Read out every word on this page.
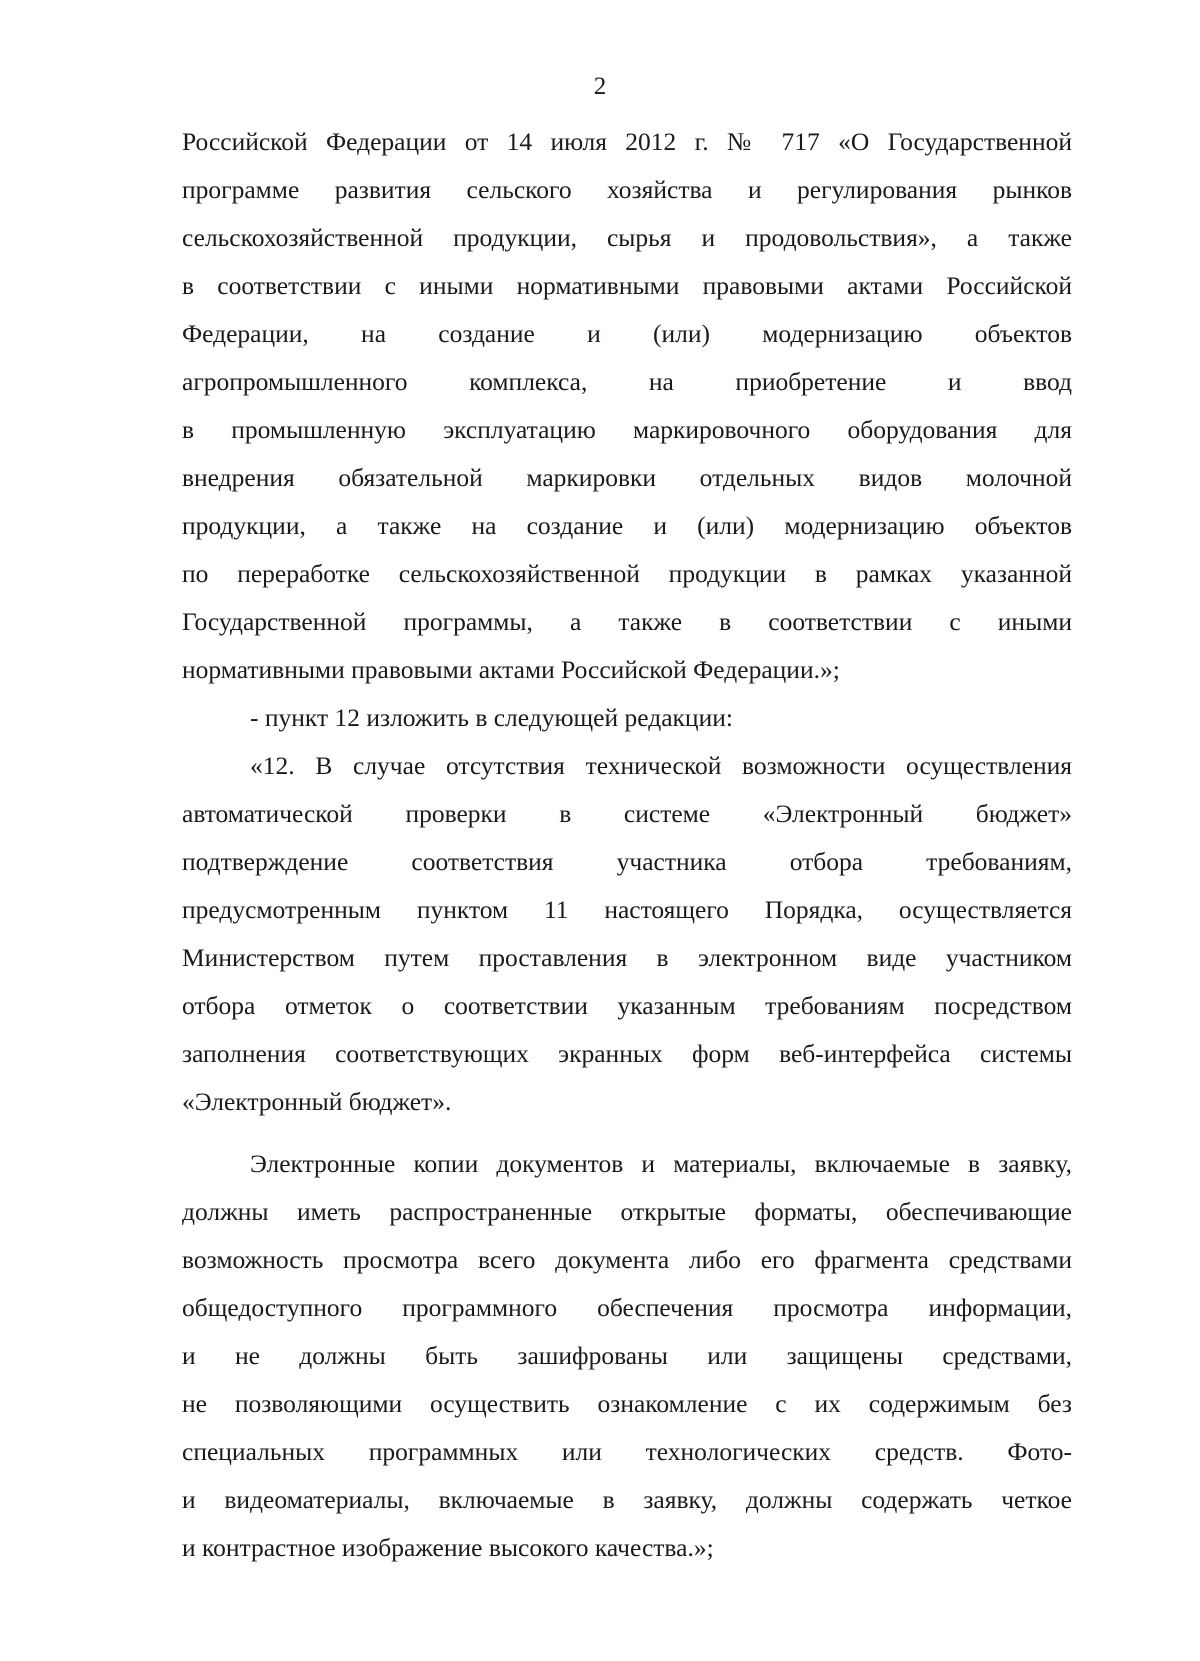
2
Российской Федерации от 14 июля 2012 г. № 717 «О Государственной
программе развития сельского хозяйства и регулирования рынков
сельскохозяйственной продукции, сырья и продовольствия», а также
в соответствии с иными нормативными правовыми актами Российской
Федерации, на создание и (или) модернизацию объектов
агропромышленного комплекса, на приобретение и ввод
в промышленную эксплуатацию маркировочного оборудования для
внедрения обязательной маркировки отдельных видов молочной
продукции, а также на создание и (или) модернизацию объектов
по переработке сельскохозяйственной продукции в рамках указанной
Государственной программы, а также в соответствии с иными
нормативными правовыми актами Российской Федерации.»;
- пункт 12 изложить в следующей редакции:
«12. В случае отсутствия технической возможности осуществления
автоматической проверки в системе «Электронный бюджет»
подтверждение соответствия участника отбора требованиям,
предусмотренным пунктом 11 настоящего Порядка, осуществляется
Министерством путем проставления в электронном виде участником
отбора отметок о соответствии указанным требованиям посредством
заполнения соответствующих экранных форм веб-интерфейса системы
«Электронный бюджет».
Электронные копии документов и материалы, включаемые в заявку,
должны иметь распространенные открытые форматы, обеспечивающие
возможность просмотра всего документа либо его фрагмента средствами
общедоступного программного обеспечения просмотра информации,
и не должны быть зашифрованы или защищены средствами,
не позволяющими осуществить ознакомление с их содержимым без
специальных программных или технологических средств. Фото-
и видеоматериалы, включаемые в заявку, должны содержать четкое
и контрастное изображение высокого качества.»;
